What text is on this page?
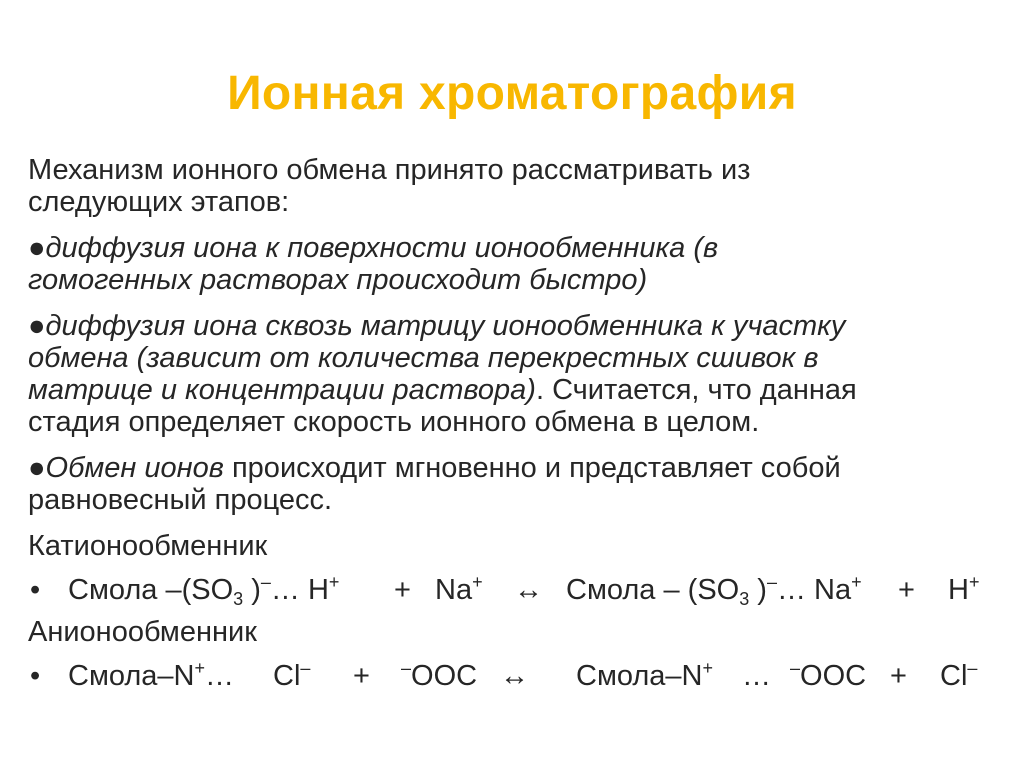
Ионная хроматография
Механизм ионного обмена принято рассматривать из
следующих этапов:
●диффузия иона к поверхности ионообменника (в
гомогенных растворах происходит быстро)
●диффузия иона сквозь матрицу ионообменника к участку
обмена (зависит от количества перекрестных сшивок в
матрице и концентрации раствора). Считается, что данная
стадия определяет скорость ионного обмена в целом.
●Обмен ионов происходит мгновенно и представляет собой
равновесный процесс.
Катионообменник
• Смола $-(SO_3$ )–… H+ + Na+ ↔ Смола – ($SO_3$ )–… Na+ + H+
Анионообменник
• Смола–N+… Cl– + –OOC ↔ Смола–N+ … –OOC + Cl–
